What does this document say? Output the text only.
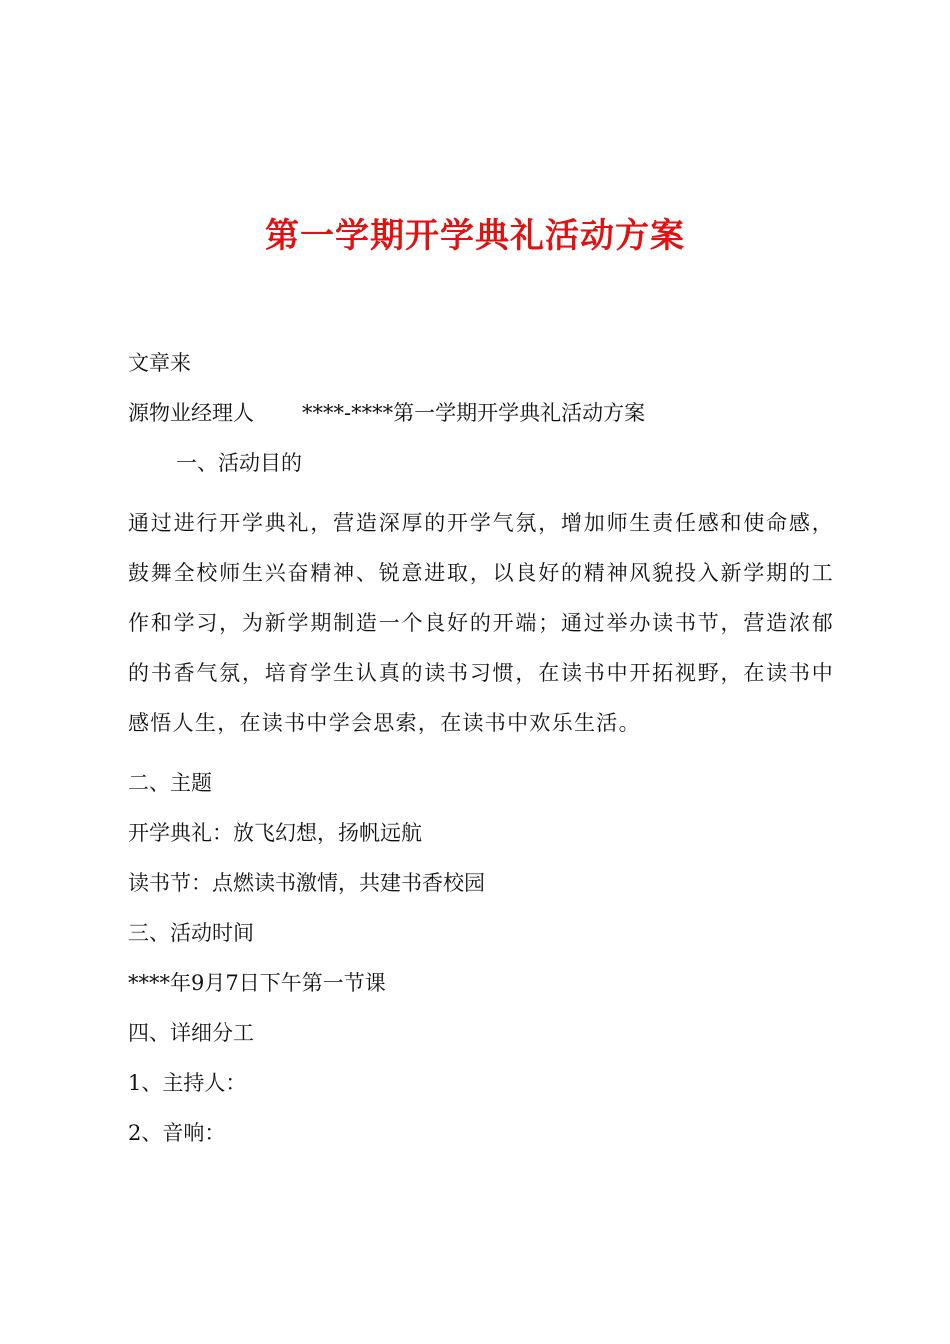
第一学期开学典礼活动方案

文章来

源物业经理人 ****-****第一学期开学典礼活动方案

一、活动目的

通过进行开学典礼，营造深厚的开学气氛，增加师生责任感和使命感，鼓舞全校师生兴奋精神、锐意进取，以良好的精神风貌投入新学期的工作和学习，为新学期制造一个良好的开端；通过举办读书节，营造浓郁的书香气氛，培育学生认真的读书习惯，在读书中开拓视野，在读书中感悟人生，在读书中学会思索，在读书中欢乐生活。

二、主题

开学典礼：放飞幻想，扬帆远航

读书节：点燃读书激情，共建书香校园

三、活动时间

****年9月7日下午第一节课

四、详细分工

1、主持人：

2、音响：
